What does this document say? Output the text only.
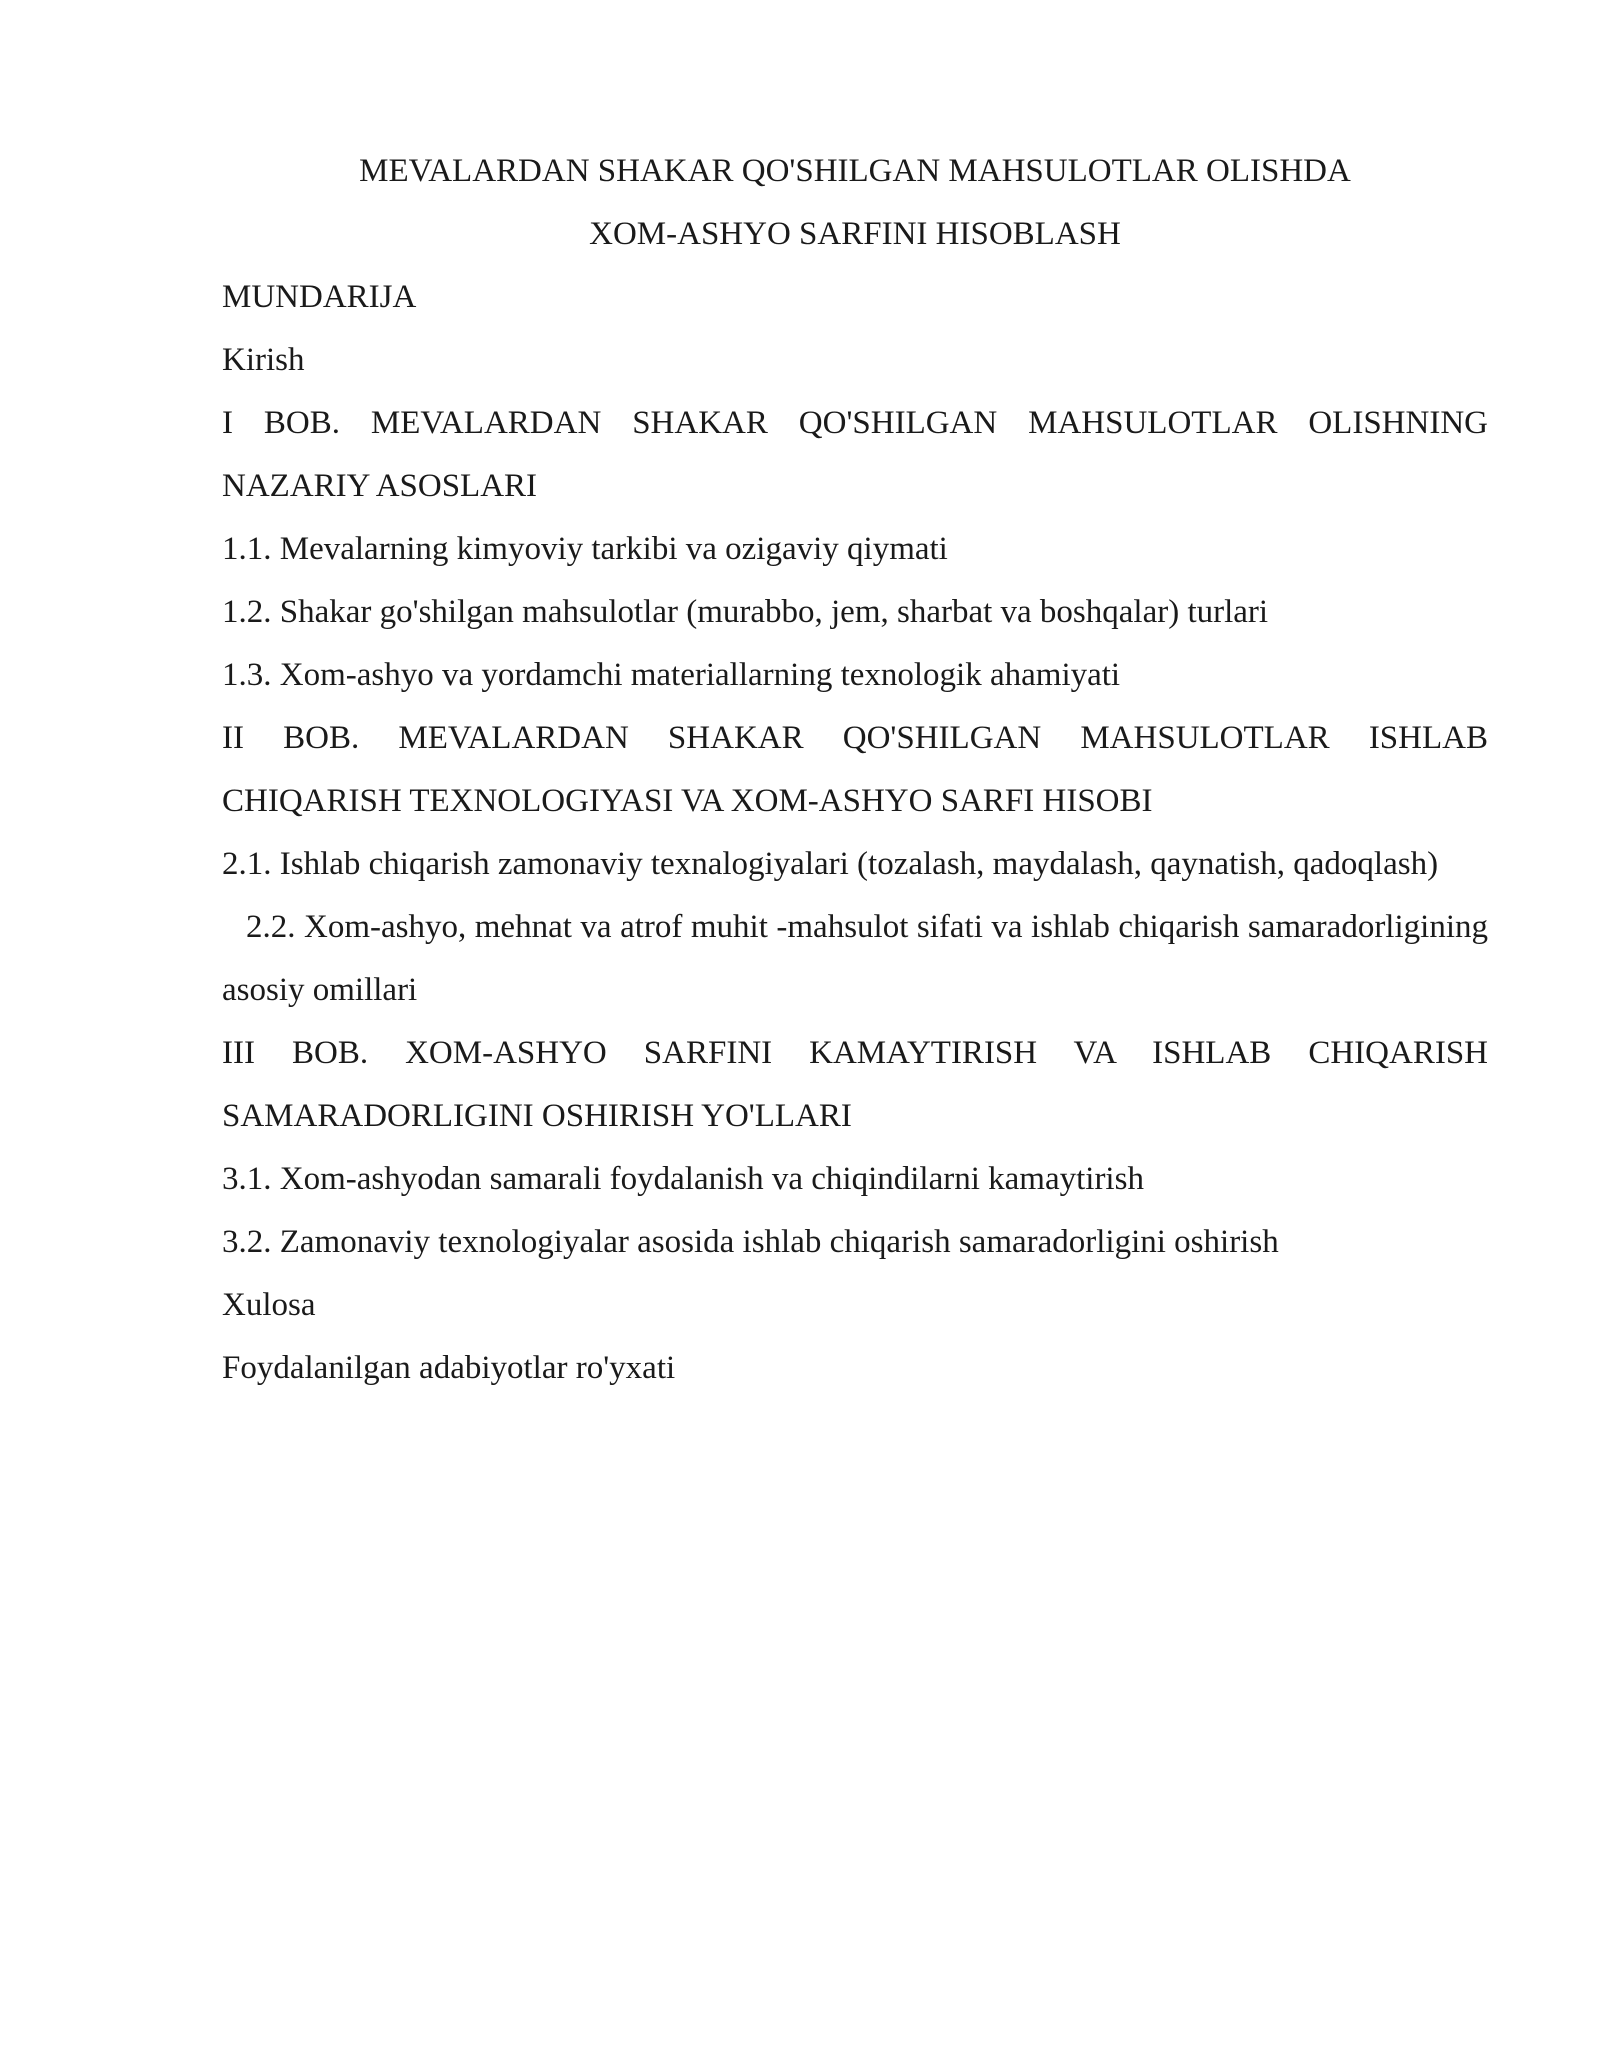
MEVALARDAN SHAKAR QO'SHILGAN MAHSULOTLAR OLISHDA
XOM-ASHYO SARFINI HISOBLASH
MUNDARIJA
Kirish
I BOB. MEVALARDAN SHAKAR QO'SHILGAN MAHSULOTLAR OLISHNING NAZARIY ASOSLARI
1.1. Mevalarning kimyoviy tarkibi va ozigaviy qiymati
1.2. Shakar go'shilgan mahsulotlar (murabbo, jem, sharbat va boshqalar) turlari
1.3. Xom-ashyo va yordamchi materiallarning texnologik ahamiyati
II BOB. MEVALARDAN SHAKAR QO'SHILGAN MAHSULOTLAR ISHLAB CHIQARISH TEXNOLOGIYASI VA XOM-ASHYO SARFI HISOBI
2.1. Ishlab chiqarish zamonaviy texnalogiyalari (tozalash, maydalash, qaynatish, qadoqlash)
2.2. Xom-ashyo, mehnat va atrof muhit -mahsulot sifati va ishlab chiqarish samaradorligining asosiy omillari
III BOB. XOM-ASHYO SARFINI KAMAYTIRISH VA ISHLAB CHIQARISH SAMARADORLIGINI OSHIRISH YO'LLARI
3.1. Xom-ashyodan samarali foydalanish va chiqindilarni kamaytirish
3.2. Zamonaviy texnologiyalar asosida ishlab chiqarish samaradorligini oshirish
Xulosa
Foydalanilgan adabiyotlar ro'yxati
